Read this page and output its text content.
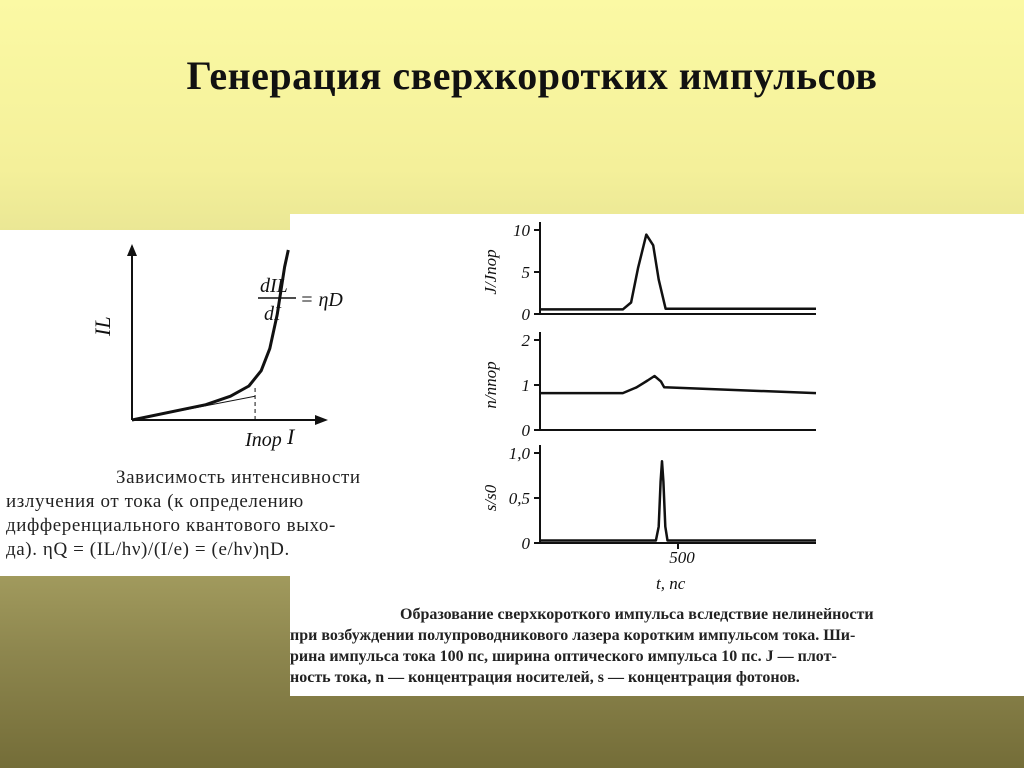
Генерация сверхкоротких импульсов
IL
I
Iпор
dIL
dI
= ηD
0
5
10
J/Jпор
0
1
2
n/nпор
0
0,5
1,0
s/s0
500
t, пс
Зависимость интенсивности
излучения от тока (к определению
дифференциального квантового выхо-
да). ηQ = (IL/hν)/(I/e) = (e/hν)ηD.
Образование сверхкороткого импульса вследствие нелинейности
при возбуждении полупроводникового лазера коротким импульсом тока. Ши-
рина импульса тока 100 пс, ширина оптического импульса 10 пс. J — плот-
ность тока, n — концентрация носителей, s — концентрация фотонов.
